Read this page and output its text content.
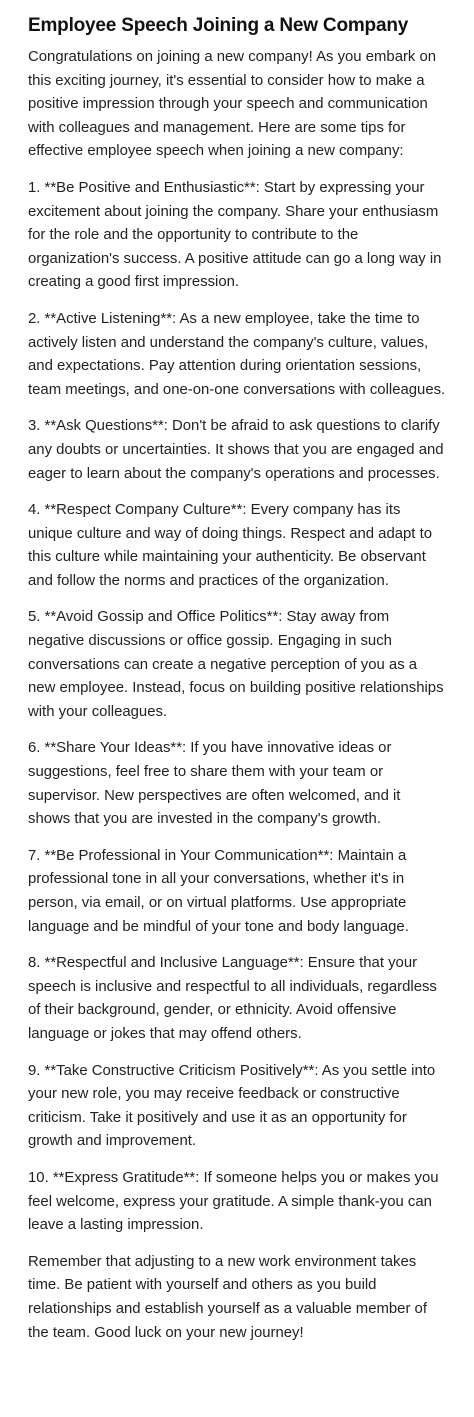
Employee Speech Joining a New Company

Congratulations on joining a new company! As you embark on this exciting journey, it's essential to consider how to make a positive impression through your speech and communication with colleagues and management. Here are some tips for effective employee speech when joining a new company:

1. **Be Positive and Enthusiastic**: Start by expressing your excitement about joining the company. Share your enthusiasm for the role and the opportunity to contribute to the organization's success. A positive attitude can go a long way in creating a good first impression.

2. **Active Listening**: As a new employee, take the time to actively listen and understand the company's culture, values, and expectations. Pay attention during orientation sessions, team meetings, and one-on-one conversations with colleagues.

3. **Ask Questions**: Don't be afraid to ask questions to clarify any doubts or uncertainties. It shows that you are engaged and eager to learn about the company's operations and processes.

4. **Respect Company Culture**: Every company has its unique culture and way of doing things. Respect and adapt to this culture while maintaining your authenticity. Be observant and follow the norms and practices of the organization.

5. **Avoid Gossip and Office Politics**: Stay away from negative discussions or office gossip. Engaging in such conversations can create a negative perception of you as a new employee. Instead, focus on building positive relationships with your colleagues.

6. **Share Your Ideas**: If you have innovative ideas or suggestions, feel free to share them with your team or supervisor. New perspectives are often welcomed, and it shows that you are invested in the company's growth.

7. **Be Professional in Your Communication**: Maintain a professional tone in all your conversations, whether it's in person, via email, or on virtual platforms. Use appropriate language and be mindful of your tone and body language.

8. **Respectful and Inclusive Language**: Ensure that your speech is inclusive and respectful to all individuals, regardless of their background, gender, or ethnicity. Avoid offensive language or jokes that may offend others.

9. **Take Constructive Criticism Positively**: As you settle into your new role, you may receive feedback or constructive criticism. Take it positively and use it as an opportunity for growth and improvement.

10. **Express Gratitude**: If someone helps you or makes you feel welcome, express your gratitude. A simple thank-you can leave a lasting impression.

Remember that adjusting to a new work environment takes time. Be patient with yourself and others as you build relationships and establish yourself as a valuable member of the team. Good luck on your new journey!
